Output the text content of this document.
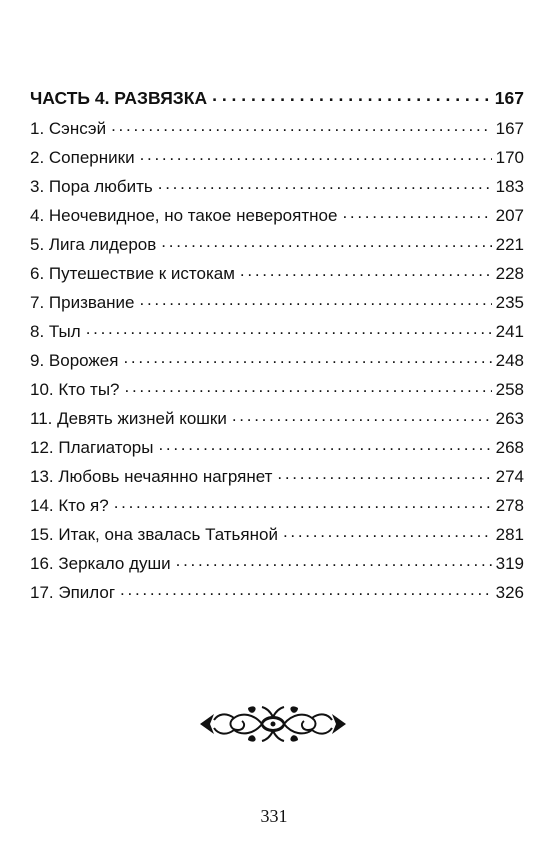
ЧАСТЬ 4. РАЗВЯЗКА . . .	167
1. Сэнсэй . . .	167
2. Соперники . . .	170
3. Пора любить . . .	183
4. Неочевидное, но такое невероятное . . .	207
5. Лига лидеров . . .	221
6. Путешествие к истокам . . .	228
7. Призвание . . .	235
8. Тыл . . .	241
9. Ворожея . . .	248
10. Кто ты? . . .	258
11. Девять жизней кошки . . .	263
12. Плагиаторы . . .	268
13. Любовь нечаянно нагрянет . . .	274
14. Кто я? . . .	278
15. Итак, она звалась Татьяной . . .	281
16. Зеркало души . . .	319
17. Эпилог . . .	326
331
